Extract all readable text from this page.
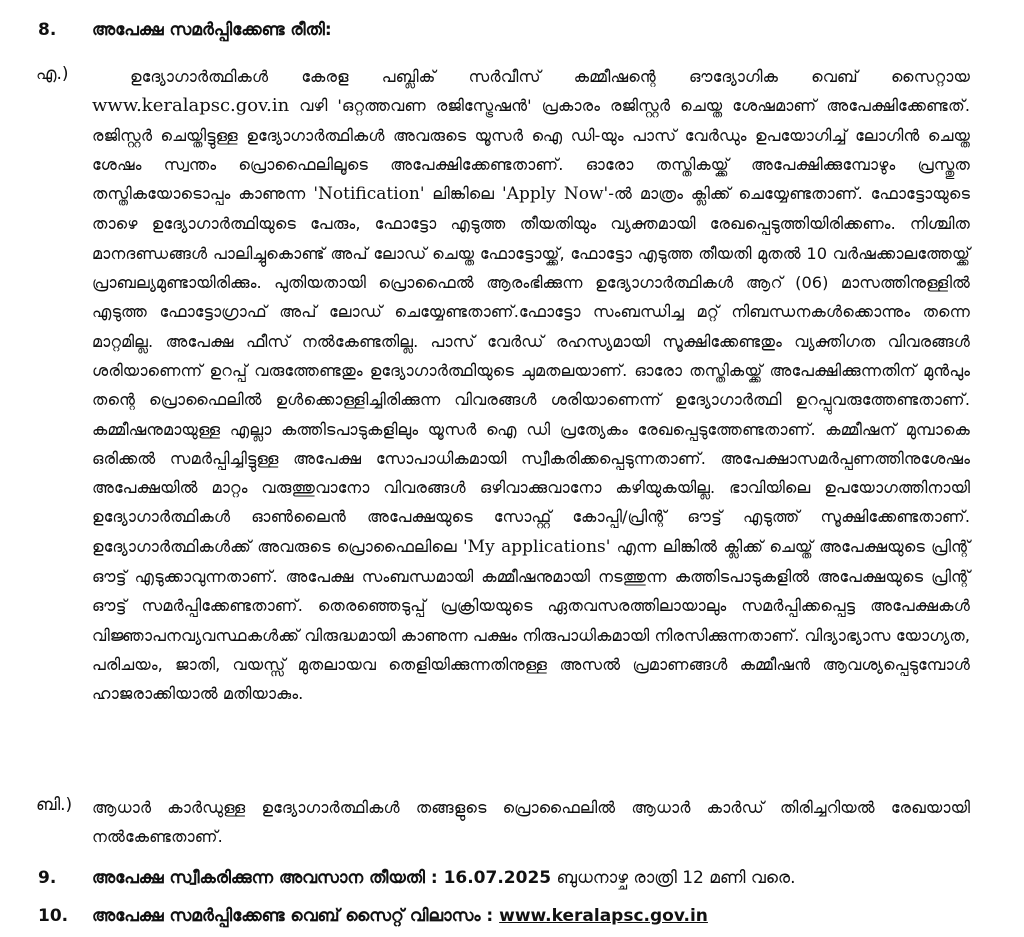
8. അപേക്ഷ സമർപ്പിക്കേണ്ട രീതി:
എ.)	ഉദ്യോഗാർത്ഥികൾ കേരള പബ്ലിക് സർവീസ് കമ്മീഷന്റെ ഔദ്യോഗിക വെബ് സൈറ്റായ www.keralapsc.gov.in വഴി 'ഒറ്റത്തവണ രജിസ്ട്രേഷൻ' പ്രകാരം രജിസ്റ്റർ ചെയ്ത ശേഷമാണ് അപേക്ഷിക്കേണ്ടത്. രജിസ്റ്റർ ചെയ്തിട്ടുള്ള ഉദ്യോഗാർത്ഥികൾ അവരുടെ യൂസർ ഐ ഡി-യും പാസ് വേർഡും ഉപയോഗിച്ച് ലോഗിൻ ചെയ്ത ശേഷം സ്വന്തം പ്രൊഫൈലിലൂടെ അപേക്ഷിക്കേണ്ടതാണ്. ഓരോ തസ്തികയ്ക്ക് അപേക്ഷിക്കുമ്പോഴും പ്രസ്തുത തസ്തികയോടൊപ്പം കാണുന്ന 'Notification' ലിങ്കിലെ 'Apply Now'-ൽ മാത്രം ക്ലിക്ക് ചെയ്യേണ്ടതാണ്. ഫോട്ടോയുടെ താഴെ ഉദ്യോഗാർത്ഥിയുടെ പേരും, ഫോട്ടോ എടുത്ത തീയതിയും വ്യക്തമായി രേഖപ്പെടുത്തിയിരിക്കണം. നിശ്ചിത മാനദണ്ഡങ്ങൾ പാലിച്ചുകൊണ്ട് അപ് ലോഡ് ചെയ്ത ഫോട്ടോയ്ക്ക്, ഫോട്ടോ എടുത്ത തീയതി മുതൽ 10 വർഷക്കാലത്തേയ്ക്ക് പ്രാബല്യമുണ്ടായിരിക്കും. പുതിയതായി പ്രൊഫൈൽ ആരംഭിക്കുന്ന ഉദ്യോഗാർത്ഥികൾ ആറ് (06) മാസത്തിനുള്ളിൽ എടുത്ത ഫോട്ടോഗ്രാഫ് അപ് ലോഡ് ചെയ്യേണ്ടതാണ്.ഫോട്ടോ സംബന്ധിച്ച മറ്റ് നിബന്ധനകൾക്കൊന്നും തന്നെ മാറ്റമില്ല. അപേക്ഷ ഫീസ് നൽകേണ്ടതില്ല. പാസ് വേർഡ് രഹസ്യമായി സൂക്ഷിക്കേണ്ടതും വ്യക്തിഗത വിവരങ്ങൾ ശരിയാണെന്ന് ഉറപ്പ് വരുത്തേണ്ടതും ഉദ്യോഗാർത്ഥിയുടെ ചുമതലയാണ്. ഓരോ തസ്തികയ്ക്ക് അപേക്ഷിക്കുന്നതിന് മുൻപും തന്റെ പ്രൊഫൈലിൽ ഉൾക്കൊള്ളിച്ചിരിക്കുന്ന വിവരങ്ങൾ ശരിയാണെന്ന് ഉദ്യോഗാർത്ഥി ഉറപ്പുവരുത്തേണ്ടതാണ്. കമ്മീഷനുമായുള്ള എല്ലാ കത്തിടപാടുകളിലും യൂസർ ഐ ഡി പ്രത്യേകം രേഖപ്പെടുത്തേണ്ടതാണ്. കമ്മീഷന് മുമ്പാകെ ഒരിക്കൽ സമർപ്പിച്ചിട്ടുള്ള അപേക്ഷ സോപാധികമായി സ്വീകരിക്കപ്പെടുന്നതാണ്. അപേക്ഷാസമർപ്പണത്തിനുശേഷം അപേക്ഷയിൽ മാറ്റം വരുത്തുവാനോ വിവരങ്ങൾ ഒഴിവാക്കുവാനോ കഴിയുകയില്ല. ഭാവിയിലെ ഉപയോഗത്തിനായി ഉദ്യോഗാർത്ഥികൾ ഓൺലൈൻ അപേക്ഷയുടെ സോഫ്റ്റ് കോപ്പി/പ്രിന്റ് ഔട്ട് എടുത്ത് സൂക്ഷിക്കേണ്ടതാണ്. ഉദ്യോഗാർത്ഥികൾക്ക് അവരുടെ പ്രൊഫൈലിലെ 'My applications' എന്ന ലിങ്കിൽ ക്ലിക്ക് ചെയ്ത് അപേക്ഷയുടെ പ്രിന്റ് ഔട്ട് എടുക്കാവുന്നതാണ്. അപേക്ഷ സംബന്ധമായി കമ്മീഷനുമായി നടത്തുന്ന കത്തിടപാടുകളിൽ അപേക്ഷയുടെ പ്രിന്റ് ഔട്ട് സമർപ്പിക്കേണ്ടതാണ്. തെരഞ്ഞെടുപ്പ് പ്രക്രിയയുടെ ഏതവസരത്തിലായാലും സമർപ്പിക്കപ്പെട്ട അപേക്ഷകൾ വിജ്ഞാപനവ്യവസ്ഥകൾക്ക് വിരുദ്ധമായി കാണുന്ന പക്ഷം നിരുപാധികമായി നിരസിക്കുന്നതാണ്. വിദ്യാഭ്യാസ യോഗ്യത, പരിചയം, ജാതി, വയസ്സ് മുതലായവ തെളിയിക്കുന്നതിനുള്ള അസൽ പ്രമാണങ്ങൾ കമ്മീഷൻ ആവശ്യപ്പെടുമ്പോൾ ഹാജരാക്കിയാൽ മതിയാകും.
ബി.) ആധാർ കാർഡുള്ള ഉദ്യോഗാർത്ഥികൾ തങ്ങളുടെ പ്രൊഫൈലിൽ ആധാർ കാർഡ് തിരിച്ചറിയൽ രേഖയായി നൽകേണ്ടതാണ്.
9. അപേക്ഷ സ്വീകരിക്കുന്ന അവസാന തീയതി : 16.07.2025 ബുധനാഴ്ച രാത്രി 12 മണി വരെ.
10. അപേക്ഷ സമർപ്പിക്കേണ്ട വെബ് സൈറ്റ് വിലാസം : www.keralapsc.gov.in
